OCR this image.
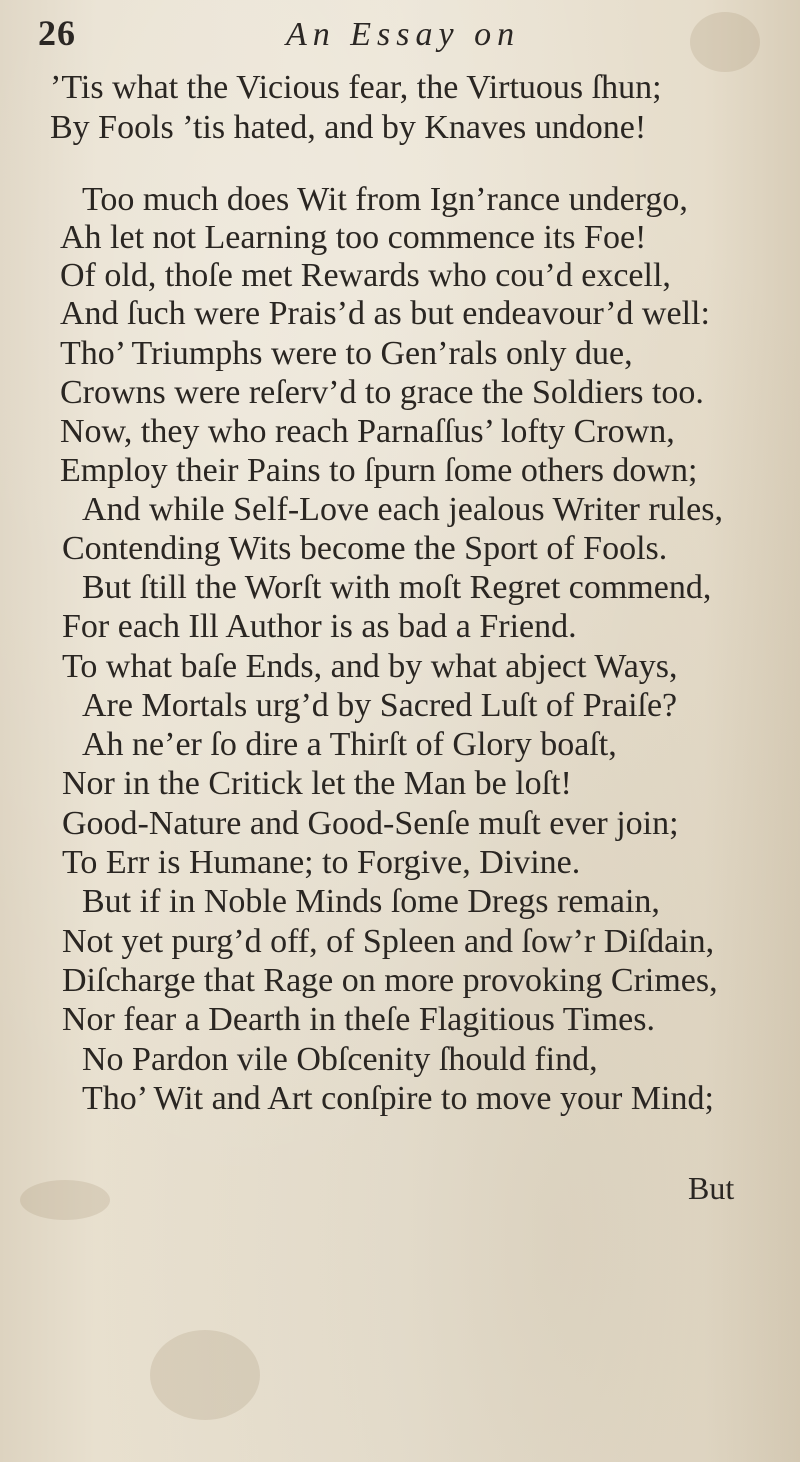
26	An Essay on
’Tis what the Vicious fear, the Virtuous ſhun;
By Fools ’tis hated, and by Knaves undone!
Too much does Wit from Ign’rance undergo,
Ah let not Learning too commence its Foe!
Of old, thoſe met Rewards who cou’d excell,
And ſuch were Prais’d as but endeavour’d well:
Tho’ Triumphs were to Gen’rals only due,
Crowns were reſerv’d to grace the Soldiers too.
Now, they who reach Parnaſſus’ lofty Crown,
Employ their Pains to ſpurn ſome others down;
And while Self-Love each jealous Writer rules,
Contending Wits become the Sport of Fools.
But ſtill the Worſt with moſt Regret commend,
For each Ill Author is as bad a Friend.
To what baſe Ends, and by what abject Ways,
Are Mortals urg’d by Sacred Luſt of Praiſe?
Ah ne’er ſo dire a Thirſt of Glory boaſt,
Nor in the Critick let the Man be loſt!
Good-Nature and Good-Senſe muſt ever join;
To Err is Humane; to Forgive, Divine.
But if in Noble Minds ſome Dregs remain,
Not yet purg’d off, of Spleen and ſow’r Diſdain,
Diſcharge that Rage on more provoking Crimes,
Nor fear a Dearth in theſe Flagitious Times.
No Pardon vile Obſcenity ſhould find,
Tho’ Wit and Art conſpire to move your Mind;
But
